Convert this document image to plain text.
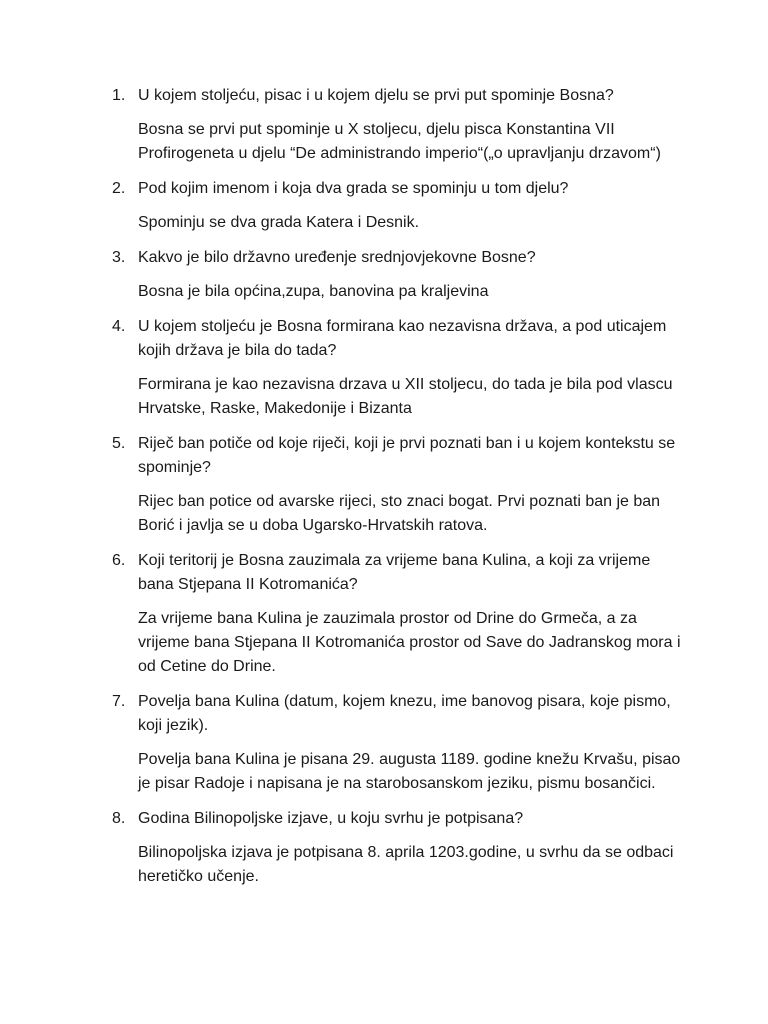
1. U kojem stoljeću, pisac i u kojem djelu se prvi put spominje Bosna?

Bosna se prvi put spominje u X stoljecu, djelu pisca Konstantina VII Profirogeneta u djelu “De administrando imperio“(„o upravljanju drzavom“)

2. Pod kojim imenom i koja dva grada se spominju u tom djelu?

Spominju se dva grada Katera i Desnik.

3. Kakvo je bilo državno uređenje srednjovjekovne Bosne?

Bosna je bila općina,zupa, banovina pa kraljevina

4. U kojem stoljeću je Bosna formirana kao nezavisna država, a pod uticajem kojih država je bila do tada?

Formirana je kao nezavisna drzava u XII stoljecu, do tada je bila pod vlascu Hrvatske, Raske, Makedonije i Bizanta

5. Riječ ban potiče od koje riječi, koji je prvi poznati ban i u kojem kontekstu se spominje?

Rijec ban potice od avarske rijeci, sto znaci bogat. Prvi poznati ban je ban Borić i javlja se u doba Ugarsko-Hrvatskih ratova.

6. Koji teritorij je Bosna zauzimala za vrijeme bana Kulina, a koji za vrijeme bana Stjepana II Kotromanića?

Za vrijeme bana Kulina je zauzimala prostor od Drine do Grmeča, a za vrijeme bana Stjepana II Kotromanića prostor od Save do Jadranskog mora i od Cetine do Drine.

7. Povelja bana Kulina (datum, kojem knezu, ime banovog pisara, koje pismo, koji jezik).

Povelja bana Kulina je pisana 29. augusta 1189. godine knežu Krvašu, pisao je pisar Radoje i napisana je na starobosanskom jeziku, pismu bosančici.

8. Godina Bilinopoljske izjave, u koju svrhu je potpisana?

Bilinopoljska izjava je potpisana 8. aprila 1203.godine, u svrhu da se odbaci heretičko učenje.
